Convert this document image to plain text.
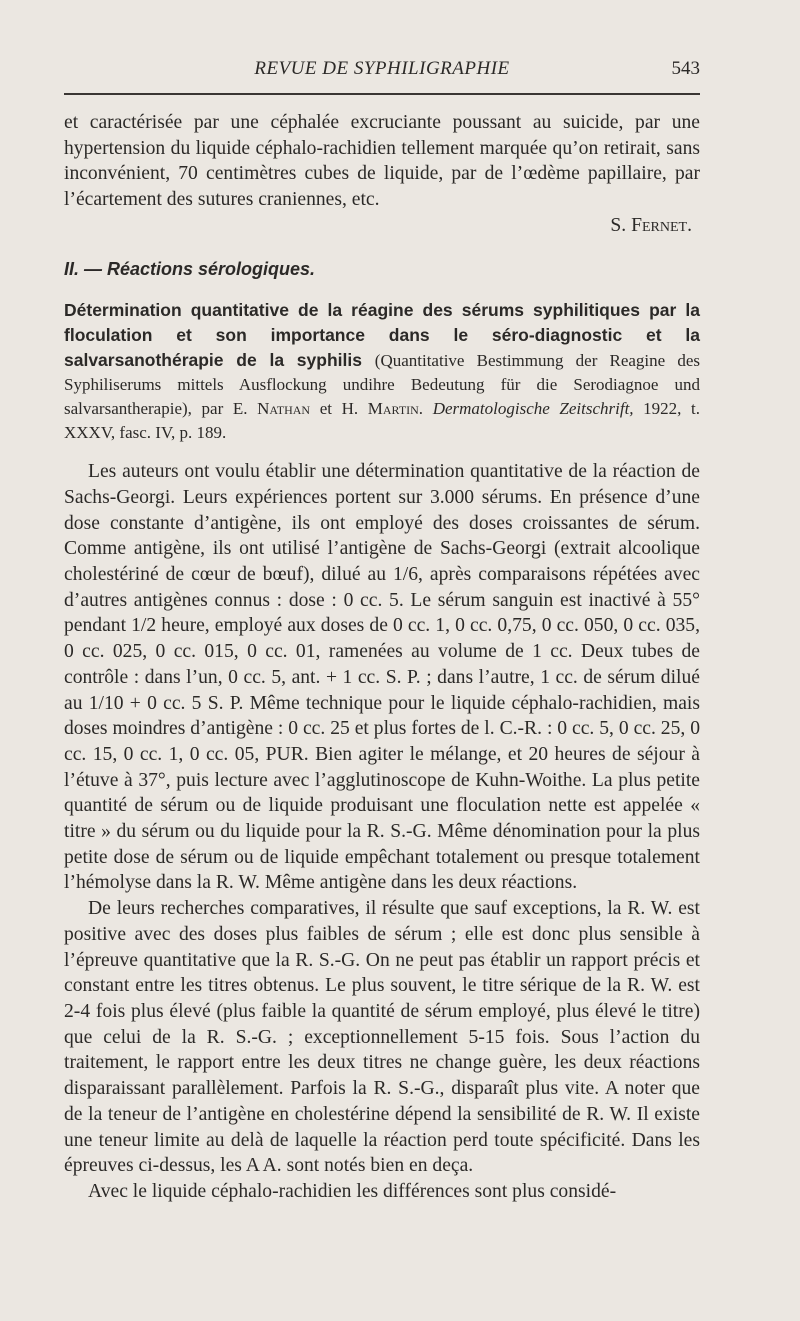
REVUE DE SYPHILIGRAPHIE	543

et caractérisée par une céphalée excruciante poussant au suicide, par une hypertension du liquide céphalo-rachidien tellement marquée qu’on retirait, sans inconvénient, 70 centimètres cubes de liquide, par de l’œdème papillaire, par l’écartement des sutures craniennes, etc.

S. Fernet.

II. — Réactions sérologiques.

Détermination quantitative de la réagine des sérums syphilitiques par la floculation et son importance dans le séro-diagnostic et la salvarsanothérapie de la syphilis (Quantitative Bestimmung der Reagine des Syphiliserums mittels Ausflockung undihre Bedeutung für die Serodiagnoe und salvarsantherapie), par E. Nathan et H. Martin. Dermatologische Zeitschrift, 1922, t. XXXV, fasc. IV, p. 189.

Les auteurs ont voulu établir une détermination quantitative de la réaction de Sachs-Georgi. Leurs expériences portent sur 3.000 sérums. En présence d’une dose constante d’antigène, ils ont employé des doses croissantes de sérum. Comme antigène, ils ont utilisé l’antigène de Sachs-Georgi (extrait alcoolique cholestériné de cœur de bœuf), dilué au 1/6, après comparaisons répétées avec d’autres antigènes connus : dose : 0 cc. 5. Le sérum sanguin est inactivé à 55° pendant 1/2 heure, employé aux doses de 0 cc. 1, 0 cc. 0,75, 0 cc. 050, 0 cc. 035, 0 cc. 025, 0 cc. 015, 0 cc. 01, ramenées au volume de 1 cc. Deux tubes de contrôle : dans l’un, 0 cc. 5, ant. + 1 cc. S. P. ; dans l’autre, 1 cc. de sérum dilué au 1/10 + 0 cc. 5 S. P. Même technique pour le liquide céphalo-rachidien, mais doses moindres d’antigène : 0 cc. 25 et plus fortes de l. C.-R. : 0 cc. 5, 0 cc. 25, 0 cc. 15, 0 cc. 1, 0 cc. 05, PUR. Bien agiter le mélange, et 20 heures de séjour à l’étuve à 37°, puis lecture avec l’agglutinoscope de Kuhn-Woithe. La plus petite quantité de sérum ou de liquide produisant une floculation nette est appelée « titre » du sérum ou du liquide pour la R. S.-G. Même dénomination pour la plus petite dose de sérum ou de liquide empêchant totalement ou presque totalement l’hémolyse dans la R. W. Même antigène dans les deux réactions.

De leurs recherches comparatives, il résulte que sauf exceptions, la R. W. est positive avec des doses plus faibles de sérum ; elle est donc plus sensible à l’épreuve quantitative que la R. S.-G. On ne peut pas établir un rapport précis et constant entre les titres obtenus. Le plus souvent, le titre sérique de la R. W. est 2-4 fois plus élevé (plus faible la quantité de sérum employé, plus élevé le titre) que celui de la R. S.-G. ; exceptionnellement 5-15 fois. Sous l’action du traitement, le rapport entre les deux titres ne change guère, les deux réactions disparaissant parallèlement. Parfois la R. S.-G., disparaît plus vite. A noter que de la teneur de l’antigène en cholestérine dépend la sensibilité de R. W. Il existe une teneur limite au delà de laquelle la réaction perd toute spécificité. Dans les épreuves ci-dessus, les A A. sont notés bien en deça.

Avec le liquide céphalo-rachidien les différences sont plus considé-
